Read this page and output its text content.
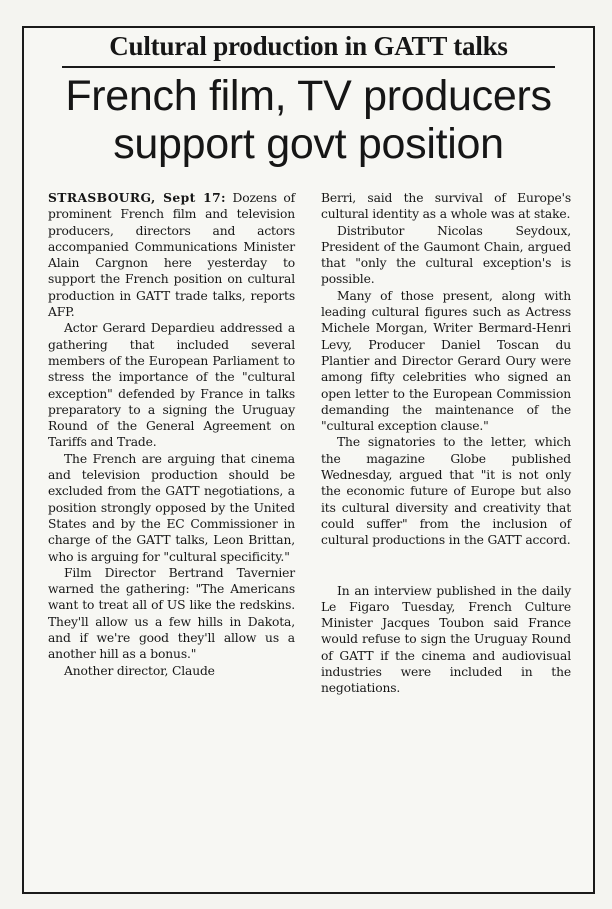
Cultural production in GATT talks
French film, TV producers
support govt position

STRASBOURG, Sept 17: Dozens of prominent French film and television producers, directors and actors accompanied Communications Minister Alain Cargnon here yesterday to support the French position on cultural production in GATT trade talks, reports AFP.

Actor Gerard Depardieu addressed a gathering that included several members of the European Parliament to stress the importance of the "cultural exception" defended by France in talks preparatory to a signing the Uruguay Round of the General Agreement on Tariffs and Trade.

The French are arguing that cinema and television production should be excluded from the GATT negotiations, a position strongly opposed by the United States and by the EC Commissioner in charge of the GATT talks, Leon Brittan, who is arguing for "cultural specificity."

Film Director Bertrand Tavernier warned the gathering: "The Americans want to treat all of US like the redskins. They'll allow us a few hills in Dakota, and if we're good they'll allow us a another hill as a bonus."

Another director, Claude

Berri, said the survival of Europe's cultural identity as a whole was at stake.

Distributor Nicolas Seydoux, President of the Gaumont Chain, argued that "only the cultural exception's is possible.

Many of those present, along with leading cultural figures such as Actress Michele Morgan, Writer Bermard-Henri Levy, Producer Daniel Toscan du Plantier and Director Gerard Oury were among fifty celebrities who signed an open letter to the European Commission demanding the maintenance of the "cultural exception clause."

The signatories to the letter, which the magazine Globe published Wednesday, argued that "it is not only the economic future of Europe but also its cultural diversity and creativity that could suffer" from the inclusion of cultural productions in the GATT accord.

In an interview published in the daily Le Figaro Tuesday, French Culture Minister Jacques Toubon said France would refuse to sign the Uruguay Round of GATT if the cinema and audiovisual industries were included in the negotiations.
